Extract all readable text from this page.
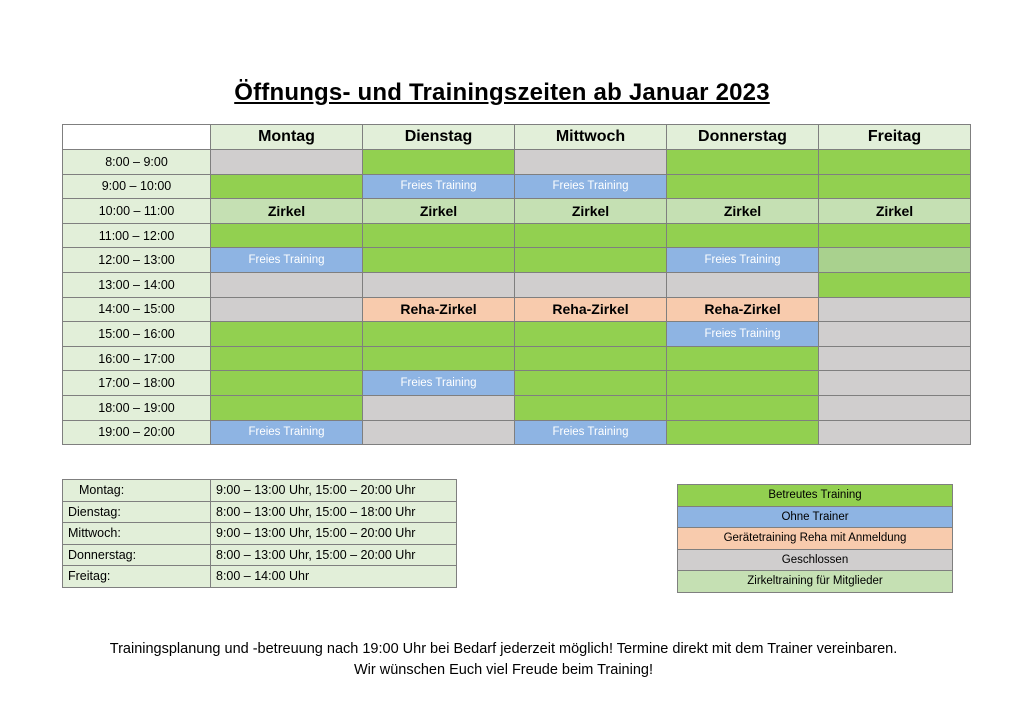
Öffnungs- und Trainingszeiten ab Januar 2023
	Montag	Dienstag	Mittwoch	Donnerstag	Freitag
8:00 – 9:00					
9:00 – 10:00		Freies Training	Freies Training		
10:00 – 11:00	Zirkel	Zirkel	Zirkel	Zirkel	Zirkel
11:00 – 12:00					
12:00 – 13:00	Freies Training			Freies Training	
13:00 – 14:00					
14:00 – 15:00		Reha-Zirkel	Reha-Zirkel	Reha-Zirkel	
15:00 – 16:00				Freies Training	
16:00 – 17:00					
17:00 – 18:00		Freies Training			
18:00 – 19:00					
19:00 – 20:00	Freies Training		Freies Training		
Montag:	9:00 – 13:00 Uhr, 15:00 – 20:00 Uhr
Dienstag:	8:00 – 13:00 Uhr, 15:00 – 18:00 Uhr
Mittwoch:	9:00 – 13:00 Uhr, 15:00 – 20:00 Uhr
Donnerstag:	8:00 – 13:00 Uhr, 15:00 – 20:00 Uhr
Freitag:	8:00 – 14:00 Uhr
Betreutes Training
Ohne Trainer
Gerätetraining Reha mit Anmeldung
Geschlossen
Zirkeltraining für Mitglieder
Trainingsplanung und -betreuung nach 19:00 Uhr bei Bedarf jederzeit möglich! Termine direkt mit dem Trainer vereinbaren.
Wir wünschen Euch viel Freude beim Training!
